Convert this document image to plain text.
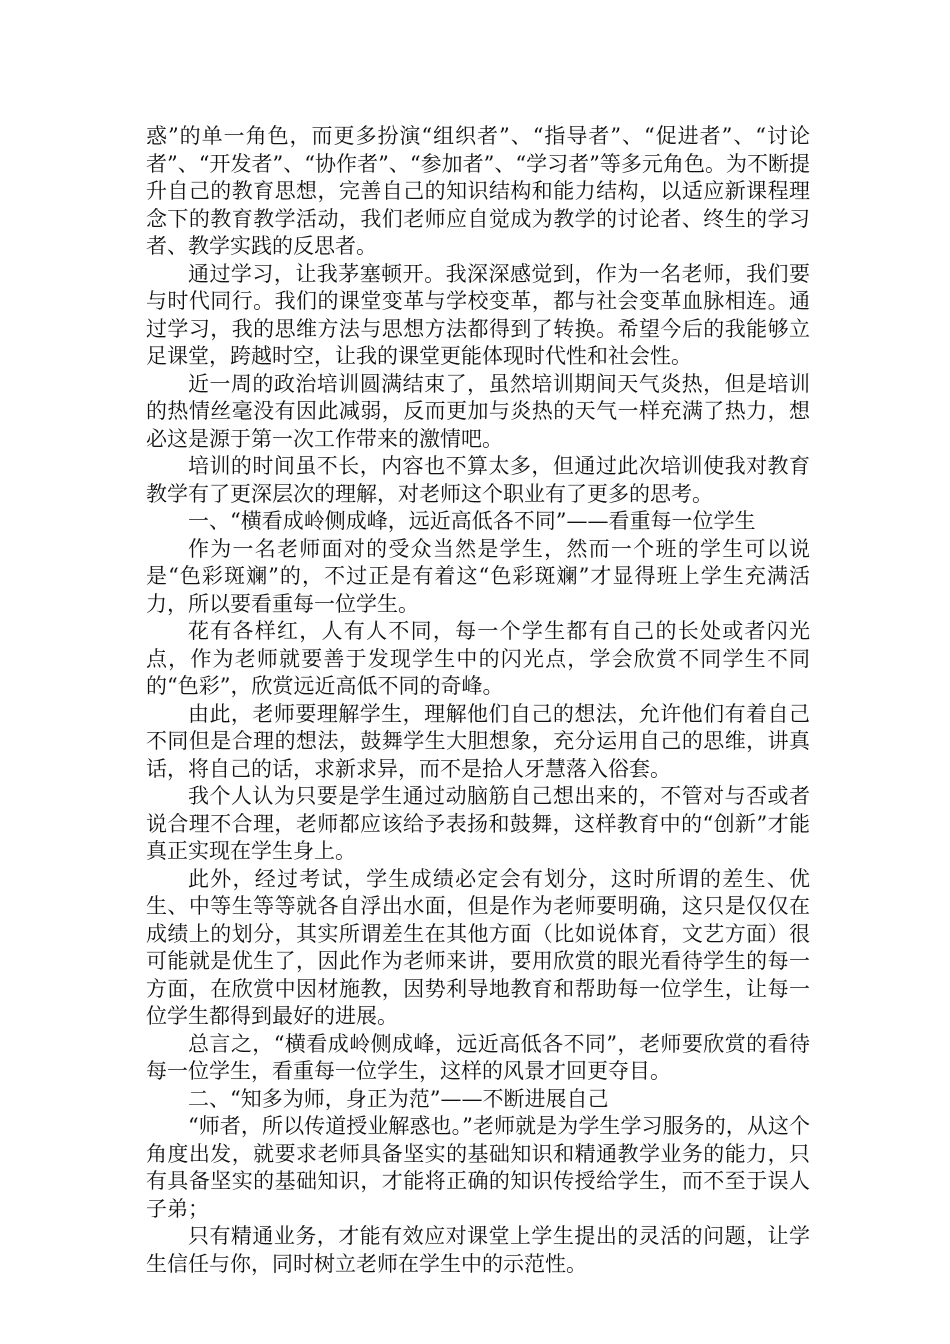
惑”的单一角色，而更多扮演“组织者”、“指导者”、“促进者”、“讨论者”、“开发者”、“协作者”、“参加者”、“学习者”等多元角色。为不断提升自己的教育思想，完善自己的知识结构和能力结构，以适应新课程理念下的教育教学活动，我们老师应自觉成为教学的讨论者、终生的学习者、教学实践的反思者。

通过学习，让我茅塞顿开。我深深感觉到，作为一名老师，我们要与时代同行。我们的课堂变革与学校变革，都与社会变革血脉相连。通过学习，我的思维方法与思想方法都得到了转换。希望今后的我能够立足课堂，跨越时空，让我的课堂更能体现时代性和社会性。

近一周的政治培训圆满结束了，虽然培训期间天气炎热，但是培训的热情丝毫没有因此减弱，反而更加与炎热的天气一样充满了热力，想必这是源于第一次工作带来的激情吧。

培训的时间虽不长，内容也不算太多，但通过此次培训使我对教育教学有了更深层次的理解，对老师这个职业有了更多的思考。

一、“横看成岭侧成峰，远近高低各不同”——看重每一位学生

作为一名老师面对的受众当然是学生，然而一个班的学生可以说是“色彩斑斓”的，不过正是有着这“色彩斑斓”才显得班上学生充满活力，所以要看重每一位学生。

花有各样红，人有人不同，每一个学生都有自己的长处或者闪光点，作为老师就要善于发现学生中的闪光点，学会欣赏不同学生不同的“色彩”，欣赏远近高低不同的奇峰。

由此，老师要理解学生，理解他们自己的想法，允许他们有着自己不同但是合理的想法，鼓舞学生大胆想象，充分运用自己的思维，讲真话，将自己的话，求新求异，而不是拾人牙慧落入俗套。

我个人认为只要是学生通过动脑筋自己想出来的，不管对与否或者说合理不合理，老师都应该给予表扬和鼓舞，这样教育中的“创新”才能真正实现在学生身上。

此外，经过考试，学生成绩必定会有划分，这时所谓的差生、优生、中等生等等就各自浮出水面，但是作为老师要明确，这只是仅仅在成绩上的划分，其实所谓差生在其他方面（比如说体育，文艺方面）很可能就是优生了，因此作为老师来讲，要用欣赏的眼光看待学生的每一方面，在欣赏中因材施教，因势利导地教育和帮助每一位学生，让每一位学生都得到最好的进展。

总言之，“横看成岭侧成峰，远近高低各不同”，老师要欣赏的看待每一位学生，看重每一位学生，这样的风景才回更夺目。

二、“知多为师，身正为范”——不断进展自己

“师者，所以传道授业解惑也。”老师就是为学生学习服务的，从这个角度出发，就要求老师具备坚实的基础知识和精通教学业务的能力，只有具备坚实的基础知识，才能将正确的知识传授给学生，而不至于误人子弟；

只有精通业务，才能有效应对课堂上学生提出的灵活的问题，让学生信任与你，同时树立老师在学生中的示范性。
